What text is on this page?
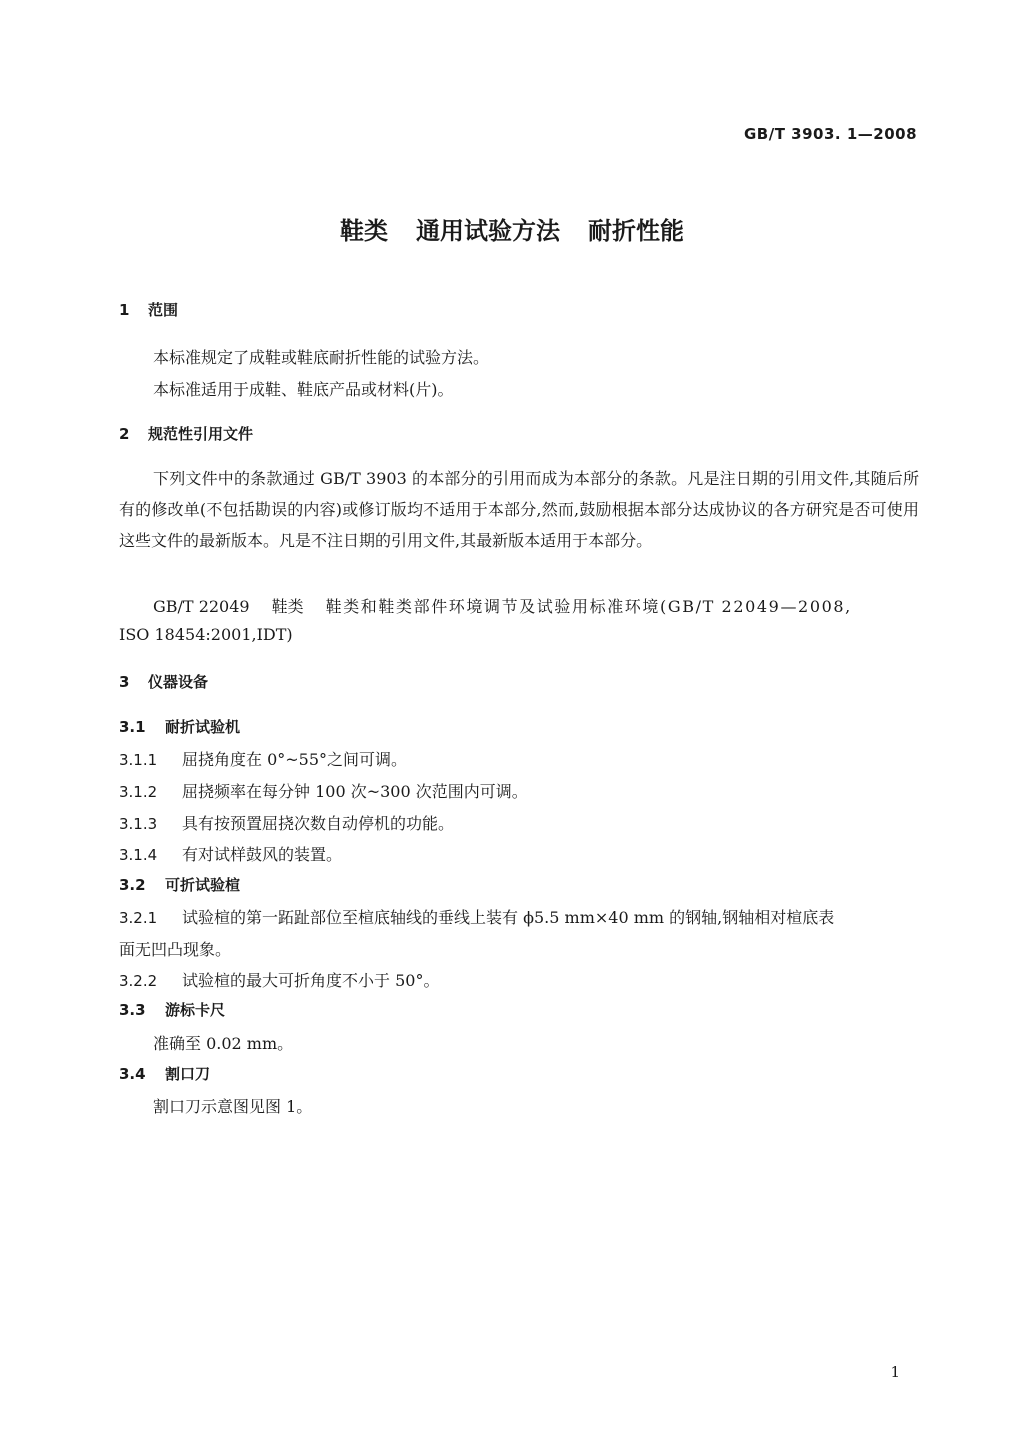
GB/T 3903. 1—2008
鞋类 通用试验方法 耐折性能
1 范围
本标准规定了成鞋或鞋底耐折性能的试验方法。
本标准适用于成鞋、鞋底产品或材料(片)。
2 规范性引用文件
下列文件中的条款通过 GB/T 3903 的本部分的引用而成为本部分的条款。凡是注日期的引用文件,其随后所有的修改单(不包括勘误的内容)或修订版均不适用于本部分,然而,鼓励根据本部分达成协议的各方研究是否可使用这些文件的最新版本。凡是不注日期的引用文件,其最新版本适用于本部分。
GB/T 22049 鞋类 鞋类和鞋类部件环境调节及试验用标准环境(GB/T 22049—2008,
ISO 18454:2001,IDT)
3 仪器设备
3.1 耐折试验机
3.1.1 屈挠角度在 0°~55°之间可调。
3.1.2 屈挠频率在每分钟 100 次~300 次范围内可调。
3.1.3 具有按预置屈挠次数自动停机的功能。
3.1.4 有对试样鼓风的装置。
3.2 可折试验楦
3.2.1 试验楦的第一跖趾部位至楦底轴线的垂线上装有 ϕ5.5 mm×40 mm 的钢轴,钢轴相对楦底表
面无凹凸现象。
3.2.2 试验楦的最大可折角度不小于 50°。
3.3 游标卡尺
准确至 0.02 mm。
3.4 割口刀
割口刀示意图见图 1。
1
